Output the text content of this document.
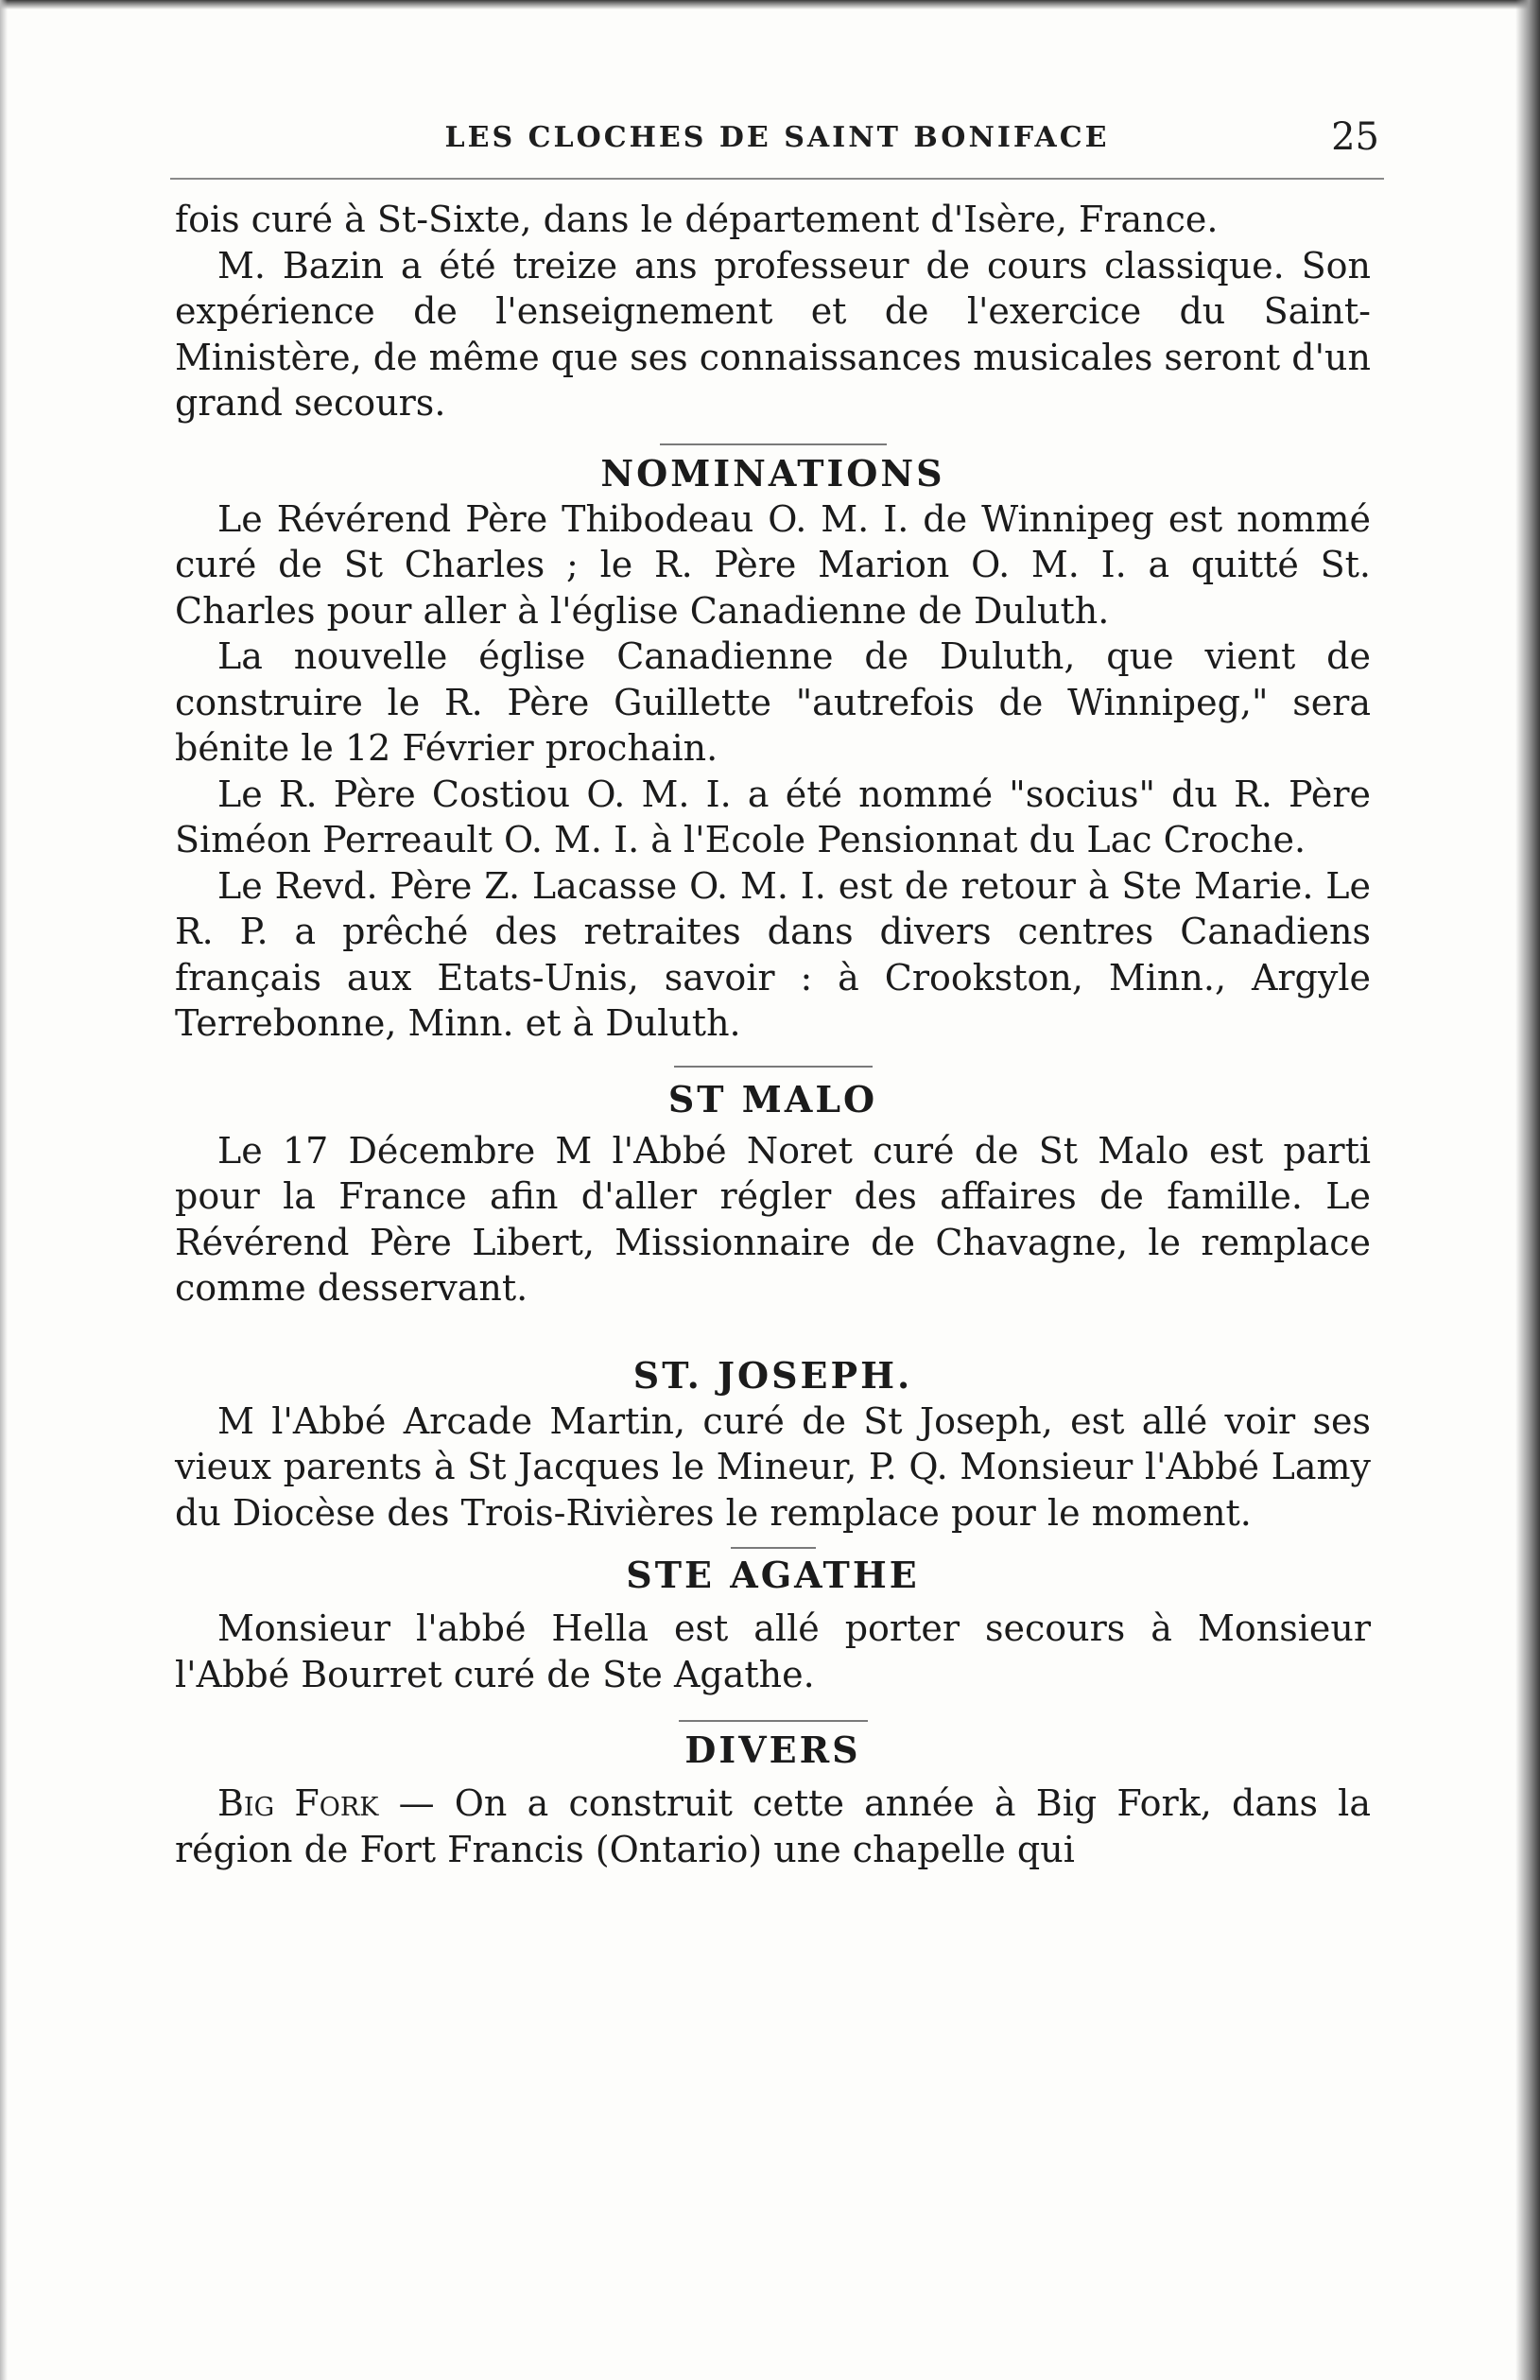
LES CLOCHES DE SAINT BONIFACE	25

fois curé à St-Sixte, dans le département d'Isère, France.

M. Bazin a été treize ans professeur de cours classique. Son expérience de l'enseignement et de l'exercice du Saint-Ministère, de même que ses connaissances musicales seront d'un grand secours.

NOMINATIONS

Le Révérend Père Thibodeau O. M. I. de Winnipeg est nommé curé de St Charles ; le R. Père Marion O. M. I. a quitté St. Charles pour aller à l'église Canadienne de Duluth.

La nouvelle église Canadienne de Duluth, que vient de construire le R. Père Guillette "autrefois de Winnipeg," sera bénite le 12 Février prochain.

Le R. Père Costiou O. M. I. a été nommé "socius" du R. Père Siméon Perreault O. M. I. à l'Ecole Pensionnat du Lac Croche.

Le Revd. Père Z. Lacasse O. M. I. est de retour à Ste Marie. Le R. P. a prêché des retraites dans divers centres Canadiens français aux Etats-Unis, savoir : à Crookston, Minn., Argyle Terrebonne, Minn. et à Duluth.

ST MALO

Le 17 Décembre M l'Abbé Noret curé de St Malo est parti pour la France afin d'aller régler des affaires de famille. Le Révérend Père Libert, Missionnaire de Chavagne, le remplace comme desservant.

ST. JOSEPH.

M l'Abbé Arcade Martin, curé de St Joseph, est allé voir ses vieux parents à St Jacques le Mineur, P. Q. Monsieur l'Abbé Lamy du Diocèse des Trois-Rivières le remplace pour le moment.

STE AGATHE

Monsieur l'abbé Hella est allé porter secours à Monsieur l'Abbé Bourret curé de Ste Agathe.

DIVERS

Big Fork — On a construit cette année à Big Fork, dans la région de Fort Francis (Ontario) une chapelle qui
